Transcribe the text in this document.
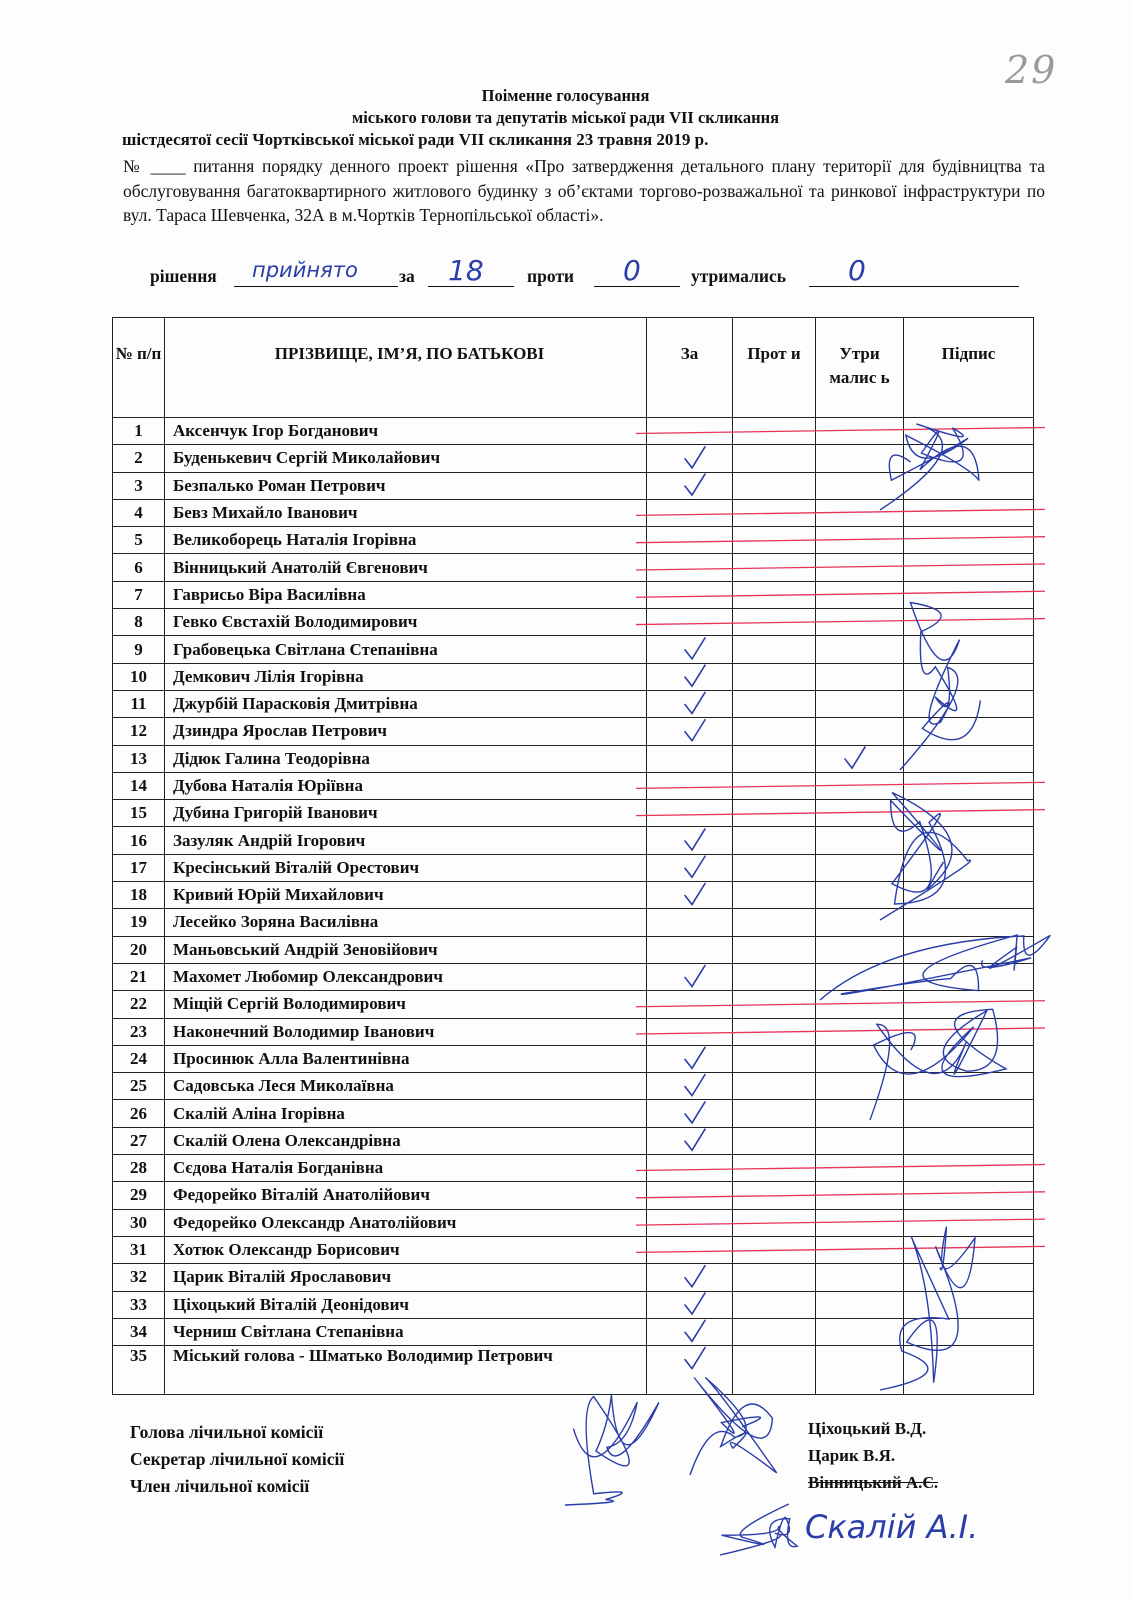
29
Поіменне голосування
міського голови та депутатів міської ради VII скликання
шістдесятої сесії Чортківської міської ради VII скликання 23 травня 2019 р.
№ ____ питання порядку денного проект рішення «Про затвердження детального плану території для будівництва та обслуговування багатоквартирного житлового будинку з об’єктами торгово-розважальної та ринкової інфраструктури по вул. Тараса Шевченка, 32А в м.Чортків Тернопільської області».
рішення прийнято за 18 проти 0	утримались 0
№ п/п	ПРІЗВИЩЕ, ІМ’Я, ПО БАТЬКОВІ	За	Прот и	Утри малис ь	Підпис

1	Аксенчук Ігор Богданович				
2	Буденькевич Сергій Миколайович				
3	Безпалько Роман Петрович				
4	Бевз Михайло Іванович				
5	Великоборець Наталія Ігорівна				
6	Вінницький Анатолій Євгенович				
7	Гаврисьо Віра Василівна				
8	Гевко Євстахій Володимирович				
9	Грабовецька Світлана Степанівна				
10	Демкович Лілія Ігорівна				
11	Джурбій Парасковія Дмитрівна				
12	Дзиндра Ярослав Петрович				
13	Дідюк Галина Теодорівна				
14	Дубова Наталія Юріївна				
15	Дубина Григорій Іванович				
16	Зазуляк Андрій Ігорович				
17	Кресінський Віталій Орестович				
18	Кривий Юрій Михайлович				
19	Лесейко Зоряна Василівна				
20	Маньовський Андрій Зеновійович				
21	Махомет Любомир Олександрович				
22	Міщій Сергій Володимирович				
23	Наконечний Володимир Іванович				
24	Просинюк Алла Валентинівна				
25	Садовська Леся Миколаївна				
26	Скалій Аліна Ігорівна				
27	Скалій Олена Олександрівна				
28	Сєдова Наталія Богданівна				
29	Федорейко Віталій Анатолійович				
30	Федорейко Олександр Анатолійович				
31	Хотюк Олександр Борисович				
32	Царик Віталій Ярославович				
33	Ціхоцький Віталій Деонідович				
34	Черниш Світлана Степанівна				
35	Міський голова - Шматько Володимир Петрович				
Голова лічильної комісії
Секретар лічильної комісії
Член лічильної комісії
Ціхоцький В.Д.
Царик В.Я.
Вінницький А.Є.
Скалій А.І.
